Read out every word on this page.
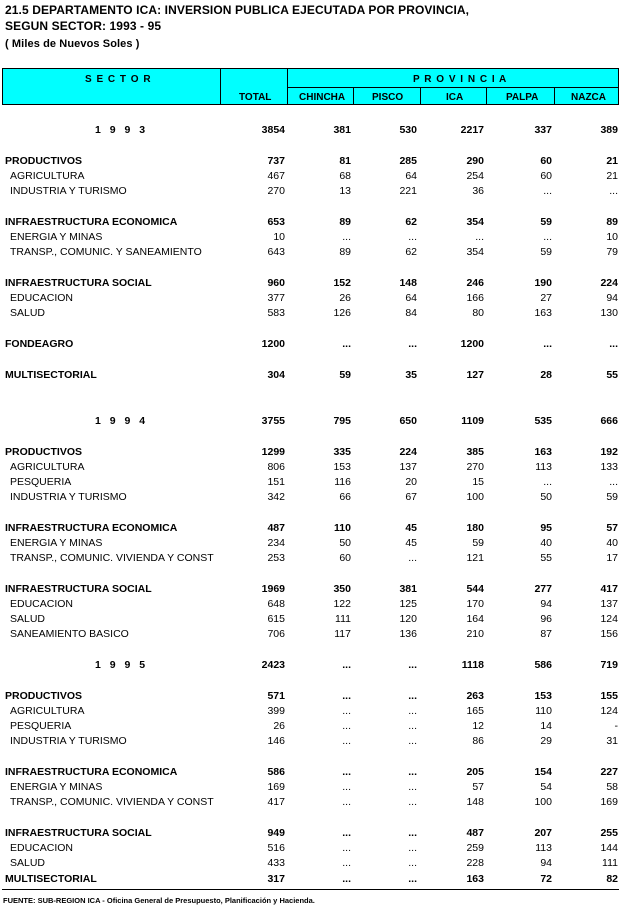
21.5 DEPARTAMENTO ICA: INVERSION PUBLICA EJECUTADA POR PROVINCIA,
SEGUN SECTOR: 1993 - 95
( Miles de Nuevos Soles )
S E C T O R	P R O V I N C I A
TOTAL	CHINCHA	PISCO	ICA	PALPA	NAZCA
1 9 9 3	3854	381	530	2217	337	389
PRODUCTIVOS	737	81	285	290	60	21
AGRICULTURA	467	68	64	254	60	21
INDUSTRIA Y TURISMO	270	13	221	36	...	...
INFRAESTRUCTURA ECONOMICA	653	89	62	354	59	89
ENERGIA Y MINAS	10	...	...	...	...	10
TRANSP., COMUNIC. Y SANEAMIENTO	643	89	62	354	59	79
INFRAESTRUCTURA SOCIAL	960	152	148	246	190	224
EDUCACION	377	26	64	166	27	94
SALUD	583	126	84	80	163	130
FONDEAGRO	1200	...	...	1200	...	...
MULTISECTORIAL	304	59	35	127	28	55
1 9 9 4	3755	795	650	1109	535	666
PRODUCTIVOS	1299	335	224	385	163	192
AGRICULTURA	806	153	137	270	113	133
PESQUERIA	151	116	20	15	...	...
INDUSTRIA Y TURISMO	342	66	67	100	50	59
INFRAESTRUCTURA ECONOMICA	487	110	45	180	95	57
ENERGIA Y MINAS	234	50	45	59	40	40
TRANSP., COMUNIC. VIVIENDA Y CONST	253	60	...	121	55	17
INFRAESTRUCTURA SOCIAL	1969	350	381	544	277	417
EDUCACION	648	122	125	170	94	137
SALUD	615	111	120	164	96	124
SANEAMIENTO BASICO	706	117	136	210	87	156
1 9 9 5	2423	...	...	1118	586	719
PRODUCTIVOS	571	...	...	263	153	155
AGRICULTURA	399	...	...	165	110	124
PESQUERIA	26	...	...	12	14	-
INDUSTRIA Y TURISMO	146	...	...	86	29	31
INFRAESTRUCTURA ECONOMICA	586	...	...	205	154	227
ENERGIA Y MINAS	169	...	...	57	54	58
TRANSP., COMUNIC. VIVIENDA Y CONST	417	...	...	148	100	169
INFRAESTRUCTURA SOCIAL	949	...	...	487	207	255
EDUCACION	516	...	...	259	113	144
SALUD	433	...	...	228	94	111
MULTISECTORIAL	317	...	...	163	72	82
FUENTE: SUB-REGION ICA - Oficina General de Presupuesto, Planificación y Hacienda.
